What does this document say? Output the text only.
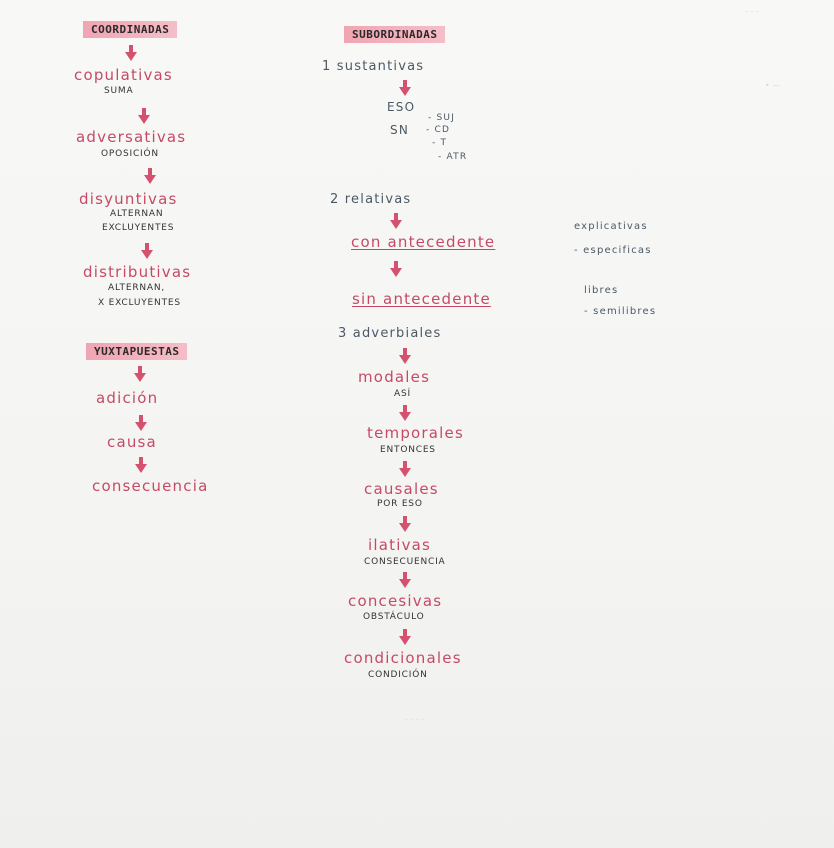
‑ ‑ ‑
• —
‑ ‑ ‑ ‑
COORDINADAS
copulativas
SUMA
adversativas
OPOSICIÓN
disyuntivas
ALTERNAN
EXCLUYENTES
distributivas
ALTERNAN,
X EXCLUYENTES
YUXTAPUESTAS
adición
causa
consecuencia
SUBORDINADAS
1 sustantivas
ESO
SN
- SUJ
- CD
- T
- ATR
2 relativas
con antecedente
explicativas
- especificas
sin antecedente	libres
- semilibres
3 adverbiales
modales
ASÍ
temporales
ENTONCES
causales
POR ESO
ilativas
CONSECUENCIA
concesivas
OBSTÁCULO
condicionales
CONDICIÓN
